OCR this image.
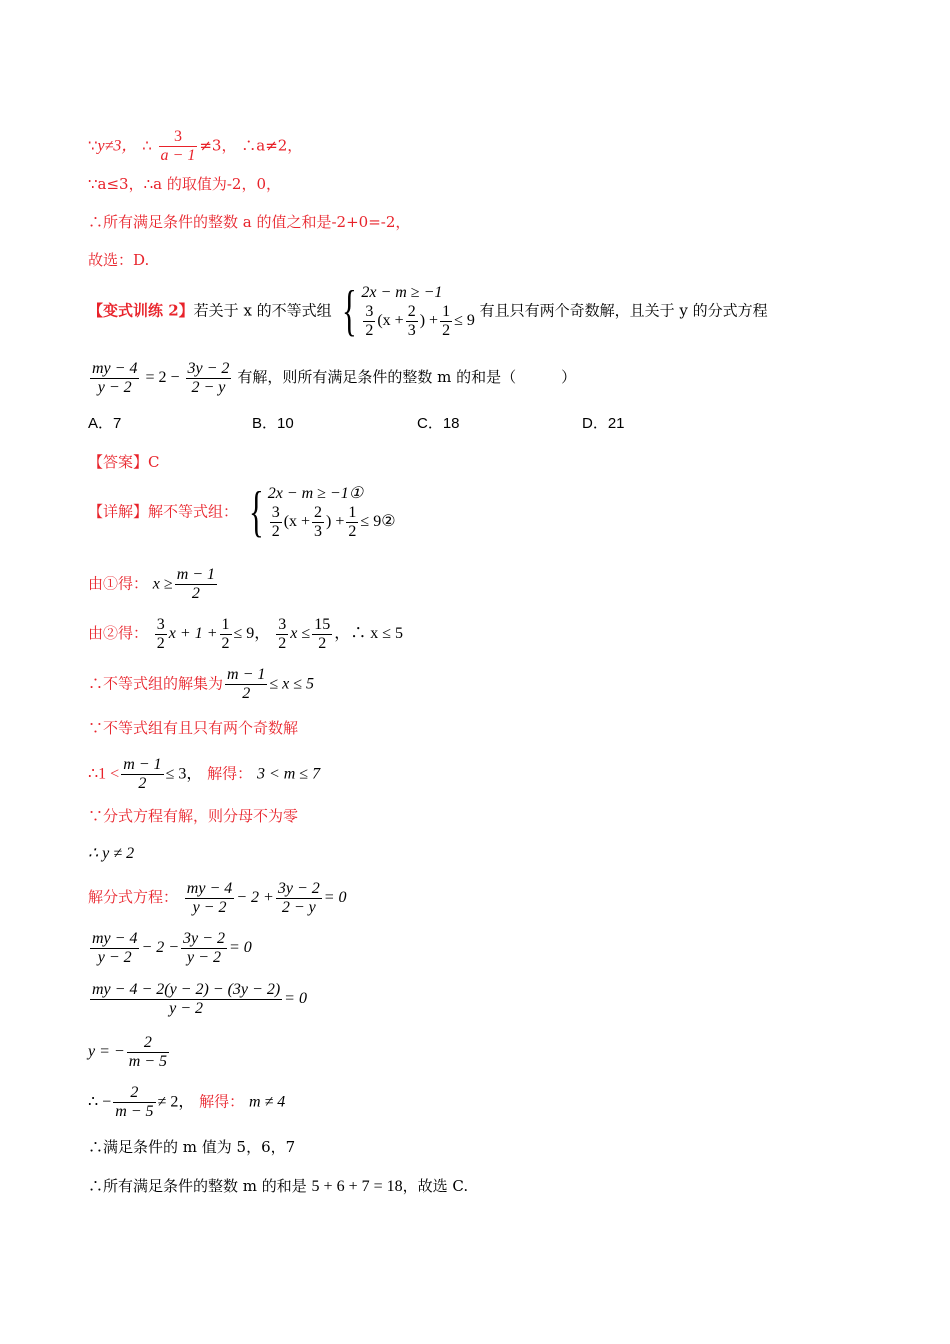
∵y≠3， ∴ $\frac{3}{a - 1} \ne 3$， ∴a≠2，
∵a≤3，∴a 的取值为-2，0，
∴所有满足条件的整数 a 的值之和是-2+0=-2，
故选：D.
【变式训练 2】若关于 x 的不等式组 { 2x − m ≥ −1
$\frac{3}{2} (x + \frac{2}{3}$ ) + $\frac{1}{2} \le 9$
有且只有两个奇数解，且关于 y 的分式方程
$\frac{my - 4}{y - 2} = 2 - \frac{3y - 2}{2 - y}$ 有解，则所有满足条件的整数 m 的和是（　　　）
A．7	B．10	C．18	D．21
【答案】C
【详解】解不等式组： { 2x − m ≥ −1①
$\frac{3}{2} (x + \frac{2}{3}$ ) + $\frac{1}{2}$ ≤ 9②
由①得： $x \ge \frac{m - 1}{2}$
由②得： $\frac{3}{2}$ $x + 1 + \frac{1}{2} \le 9$， $\frac{3}{2}$ $x \le \frac{15}{2}$ ，∴ x ≤ 5
∴不等式组的解集为 $\frac{m - 1}{2} \le x \le 5$
∵不等式组有且只有两个奇数解
∴1 < $\frac{m - 1}{2} \le 3$， 解得： 3 < m ≤ 7
∵分式方程有解，则分母不为零
∴ y ≠ 2
解分式方程： $\frac{my - 4}{y - 2} - 2 + \frac{3y - 2}{2 - y} = 0$
$\frac{my - 4}{y - 2} - 2 - \frac{3y - 2}{y - 2} = 0$
$\frac{my - 4 - 2(y - 2) - (3y - 2)}{y - 2} = 0$
y = − $\frac{2}{m - 5}$
∴ − $\frac{2}{m - 5} \ne 2$， 解得： m ≠ 4
∴满足条件的 m 值为 5，6，7
∴所有满足条件的整数 m 的和是 5 + 6 + 7 = 18，故选 C.
